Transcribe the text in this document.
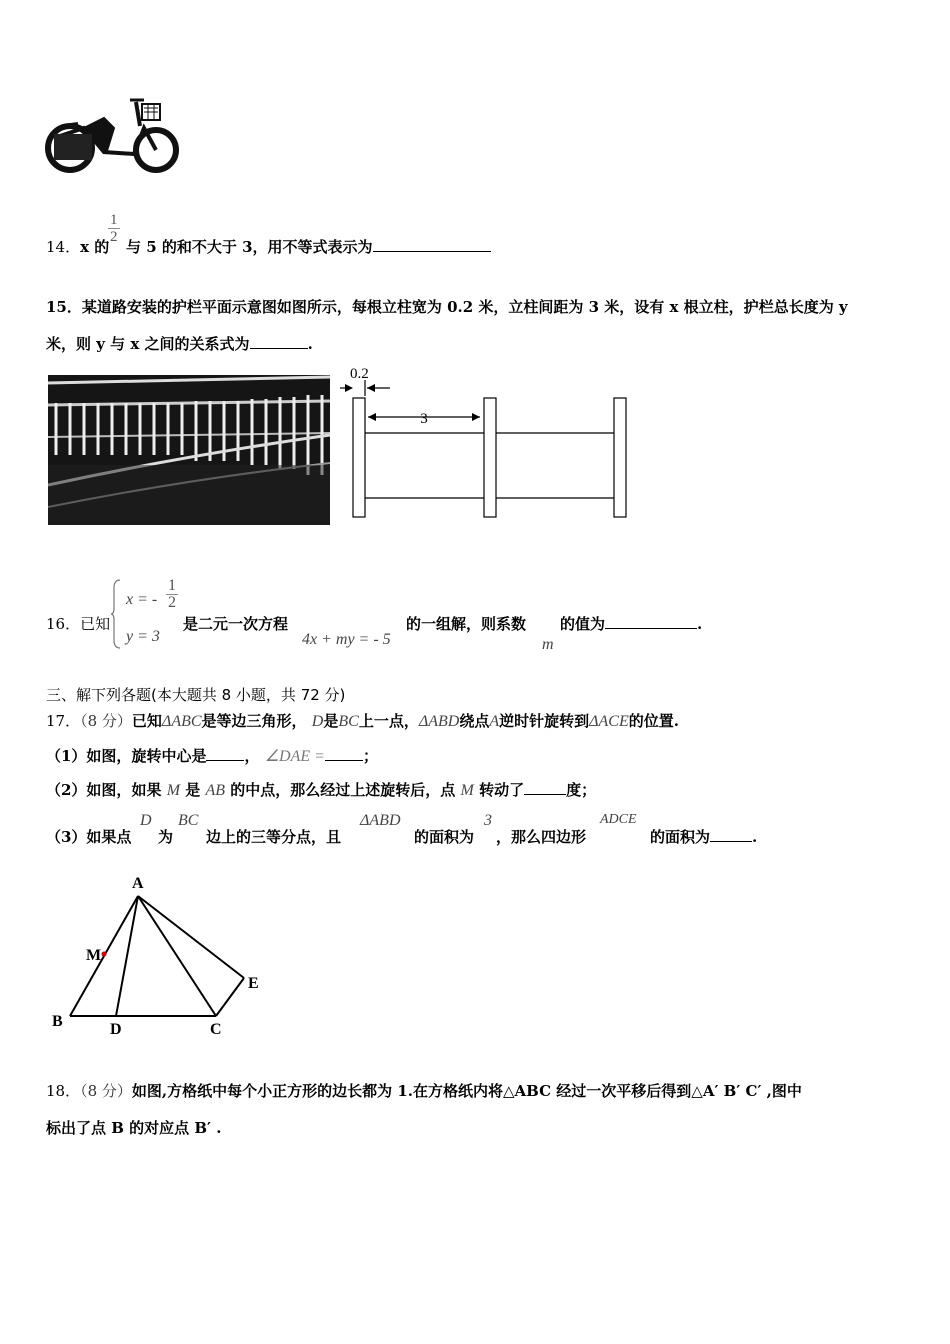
14．x 的
$\frac{1}{2}$
与 5 的和不大于 3，用不等式表示为
15．某道路安装的护栏平面示意图如图所示，每根立柱宽为 0.2 米，立柱间距为 3 米，设有 x 根立柱，护栏总长度为 y
米，则 y 与 x 之间的关系式为	.
0.2
3
16．已知
x = - $\frac{1}{2}$
y = 3
是二元一次方程
4x + my = - 5
的一组解，则系数
m
的值为	.
三、解下列各题(本大题共 8 小题，共 72 分)
17．（8 分）已知ΔABC是等边三角形， D是BC上一点，ΔABD绕点A逆时针旋转到ΔACE的位置.
（1）如图，旋转中心是	， ∠DAE =	；
（2）如图，如果 M 是 AB 的中点，那么经过上述旋转后，点 M 转动了	度；
（3）如果点
D
为
BC
边上的三等分点，且
ΔABD
的面积为
3
，那么四边形
ADCE
的面积为	.
A
M
B	D	C
E
18．（8 分）如图,方格纸中每个小正方形的边长都为 1.在方格纸内将△ABC 经过一次平移后得到△A′ B′ C′ ,图中
标出了点 B 的对应点 B′ .
